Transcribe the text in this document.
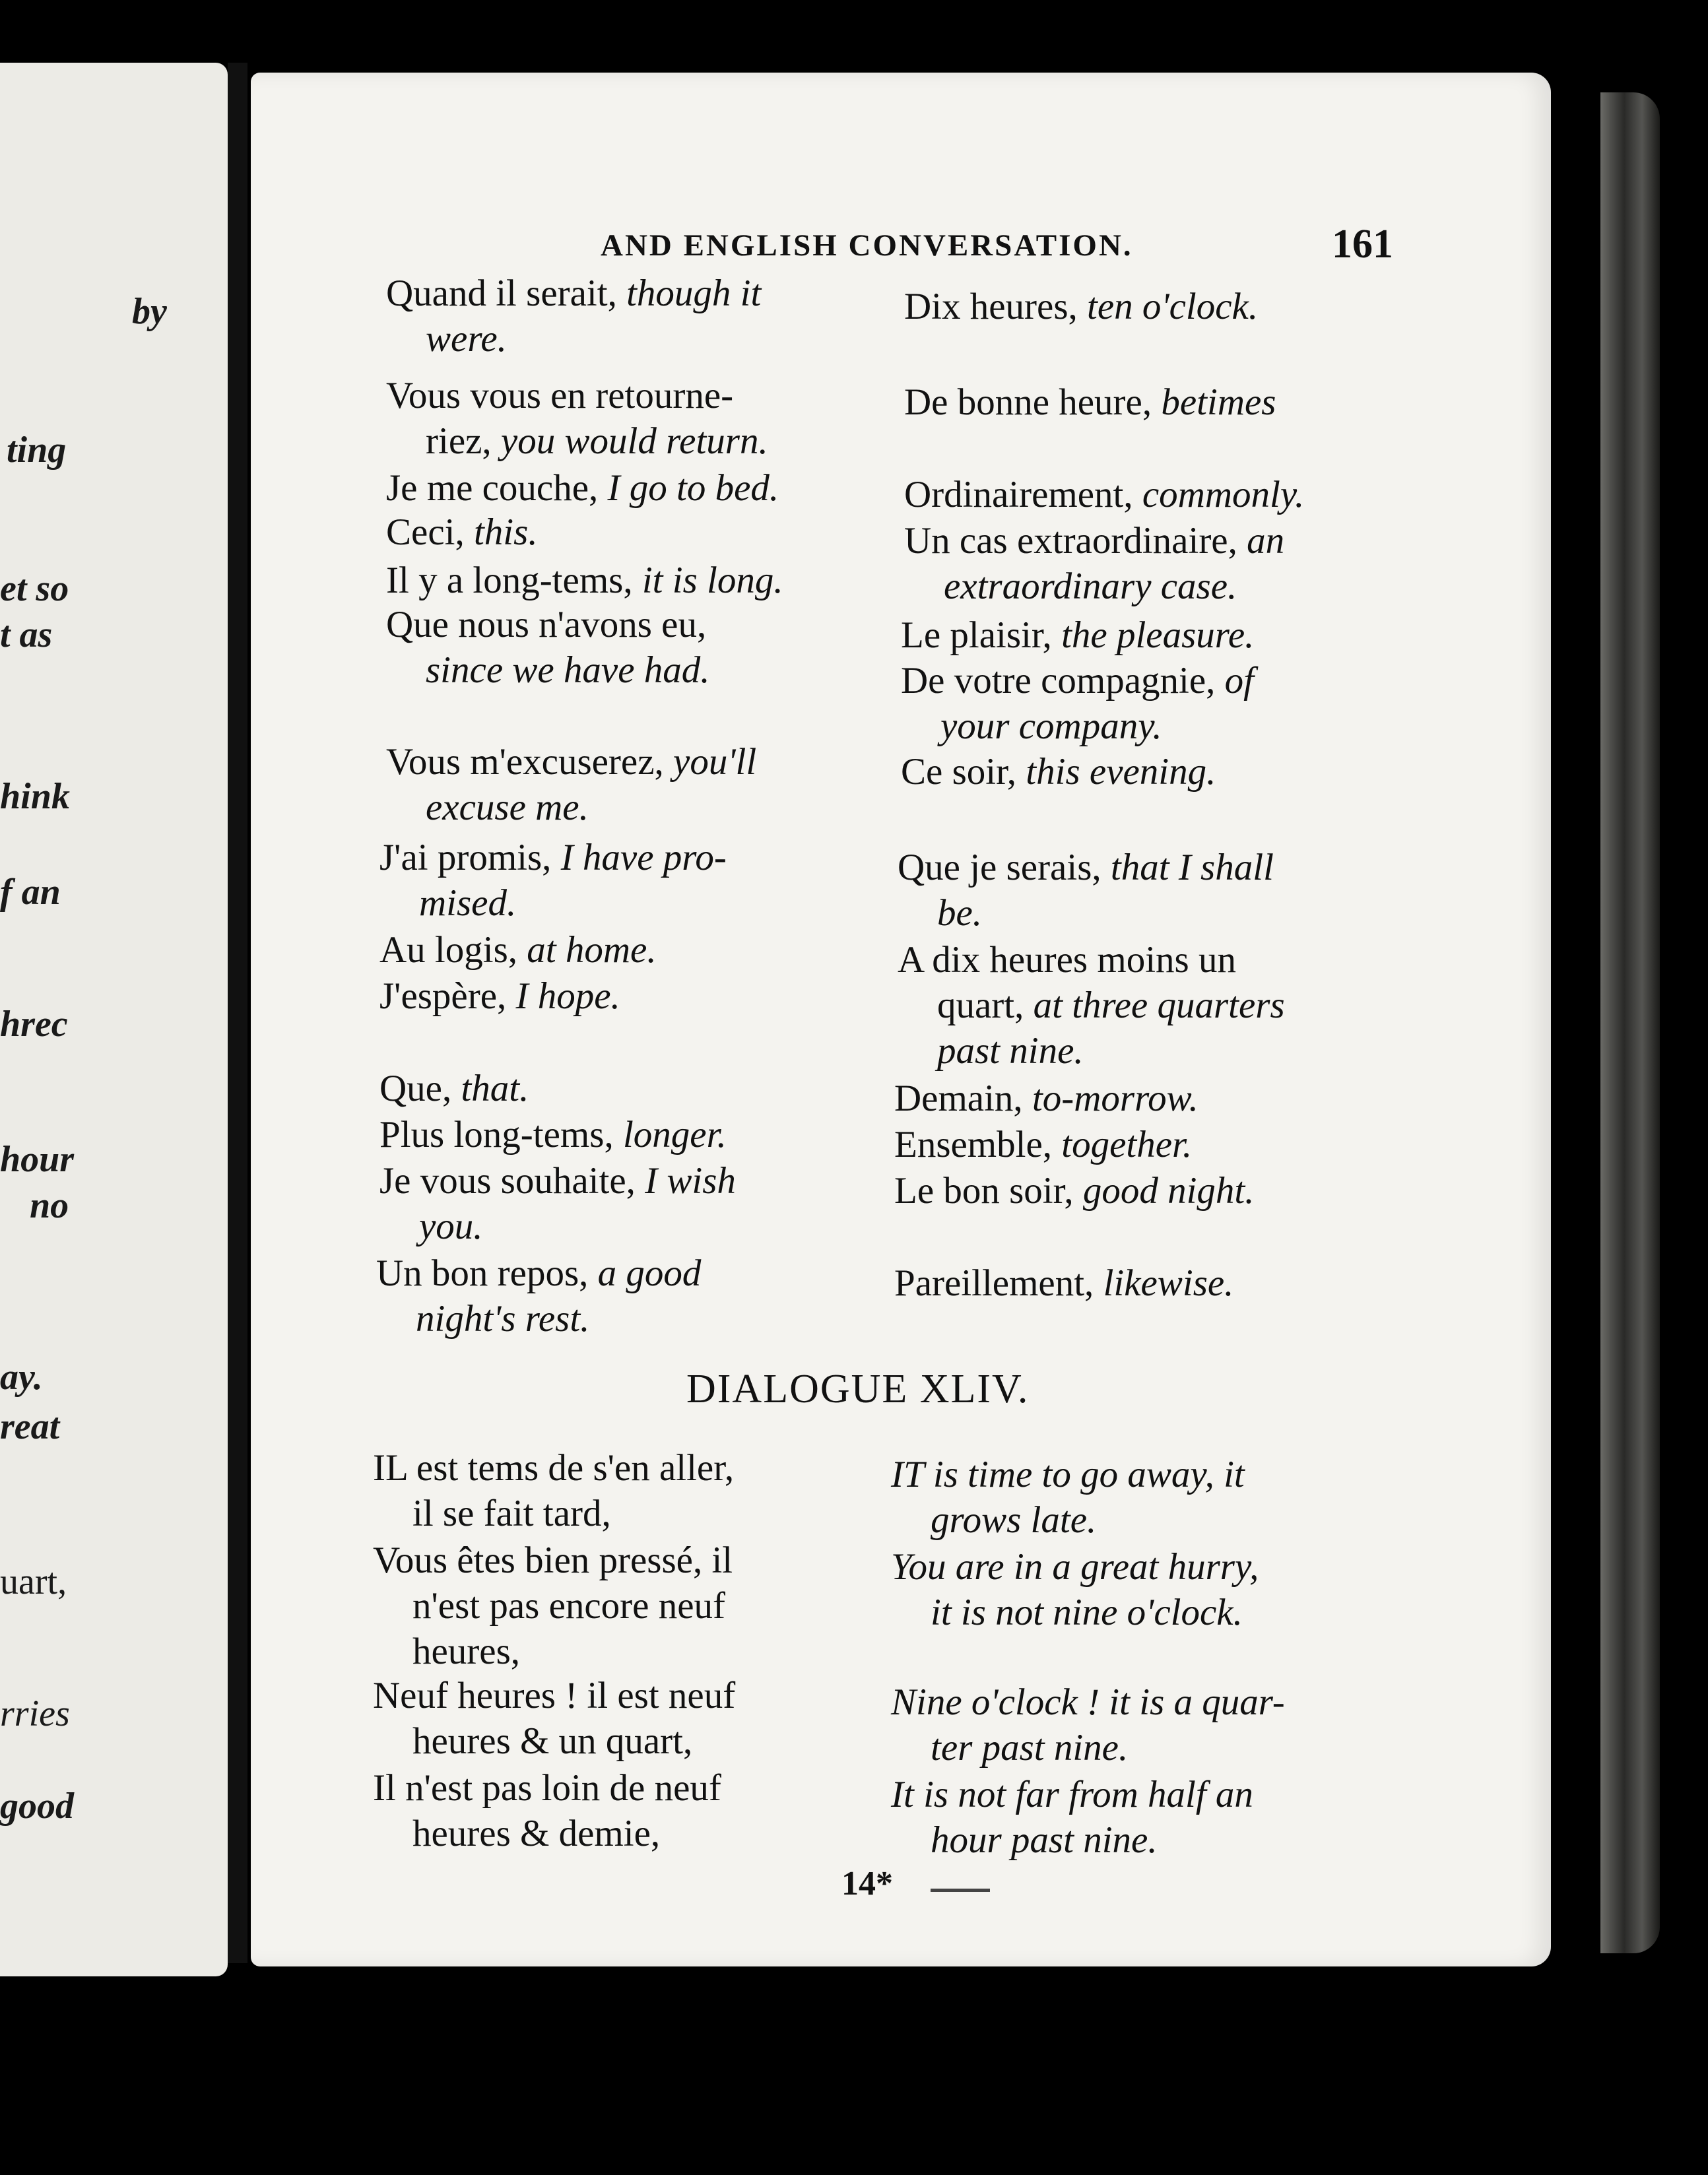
by
ting
et so
t as
hink
f an
hrec
hour
no
ay.
reat
uart,
rries
good
AND ENGLISH CONVERSATION.	161
Quand il serait, though it
were.
Vous vous en retourne-
riez, you would return.
Je me couche, I go to bed.
Ceci, this.
Il y a long-tems, it is long.
Que nous n'avons eu,
since we have had.
Vous m'excuserez, you'll
excuse me.
J'ai promis, I have pro-
mised.
Au logis, at home.
J'espère, I hope.
Que, that.
Plus long-tems, longer.
Je vous souhaite, I wish
you.
Un bon repos, a good
night's rest.
Dix heures, ten o'clock.
De bonne heure, betimes
Ordinairement, commonly.
Un cas extraordinaire, an
extraordinary case.
Le plaisir, the pleasure.
De votre compagnie, of
your company.
Ce soir, this evening.
Que je serais, that I shall
be.
A dix heures moins un
quart, at three quarters
past nine.
Demain, to-morrow.
Ensemble, together.
Le bon soir, good night.
Pareillement, likewise.
DIALOGUE XLIV.
IL est tems de s'en aller,
il se fait tard,
Vous êtes bien pressé, il
n'est pas encore neuf
heures,
Neuf heures ! il est neuf
heures & un quart,
Il n'est pas loin de neuf
heures & demie,
IT is time to go away, it
grows late.
You are in a great hurry,
it is not nine o'clock.
Nine o'clock ! it is a quar-
ter past nine.
It is not far from half an
hour past nine.
14*
